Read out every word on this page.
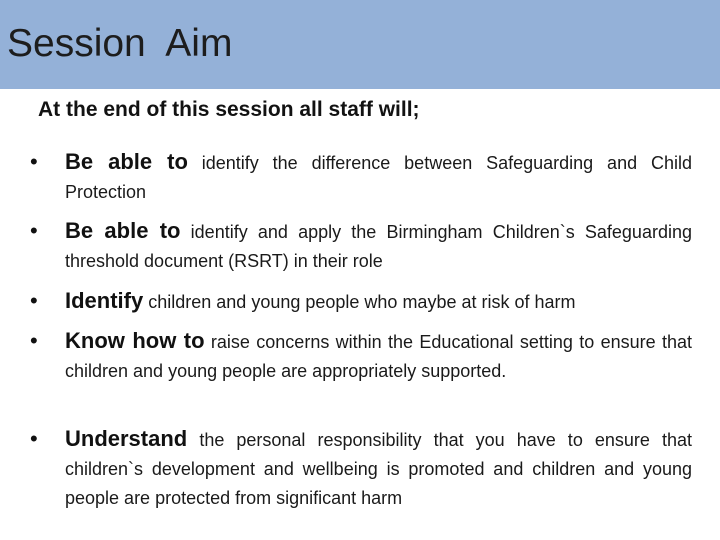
Session  Aim
At the end of this session all staff will;
• Be able to identify the difference between Safeguarding and Child Protection
• Be able to identify and apply the Birmingham Children`s Safeguarding threshold document (RSRT) in their role
• Identify children and young people who maybe at risk of harm
• Know how to raise concerns within the Educational setting to ensure that children and young people are appropriately supported.
• Understand the personal responsibility that you have to ensure that children`s development and wellbeing is promoted and children and young people are protected from significant harm
